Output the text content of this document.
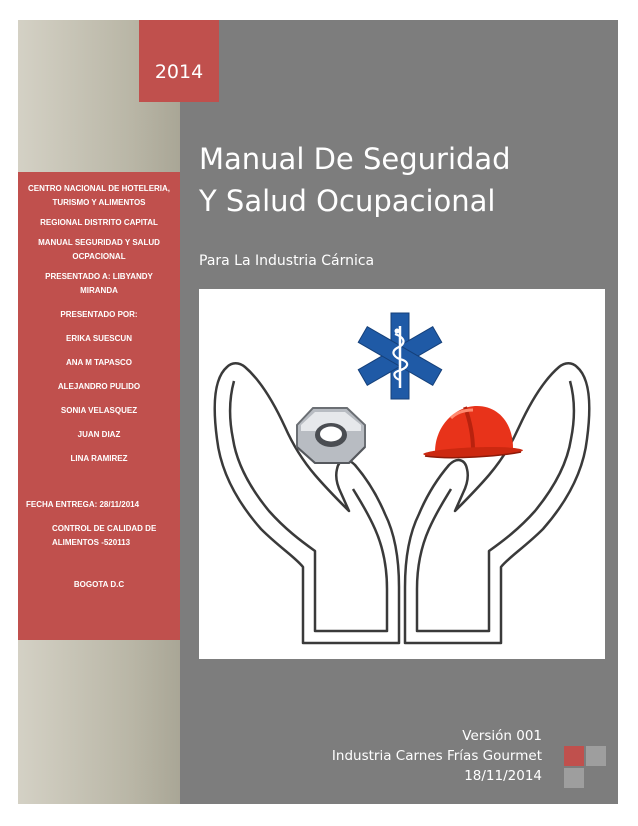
2014

CENTRO NACIONAL DE HOTELERIA,

TURISMO Y ALIMENTOS

REGIONAL DISTRITO CAPITAL

MANUAL SEGURIDAD Y SALUD

OCPACIONAL

PRESENTADO A: LIBYANDY

MIRANDA

PRESENTADO POR:

ERIKA SUESCUN

ANA M TAPASCO

ALEJANDRO PULIDO

SONIA VELASQUEZ

JUAN DIAZ

LINA RAMIREZ

FECHA ENTREGA: 28/11/2014

CONTROL DE CALIDAD DE

ALIMENTOS -520113

BOGOTA D.C

Manual De Seguridad
Y Salud Ocupacional
Para La Industria Cárnica
Versión 001
Industria Carnes Frías Gourmet
18/11/2014
